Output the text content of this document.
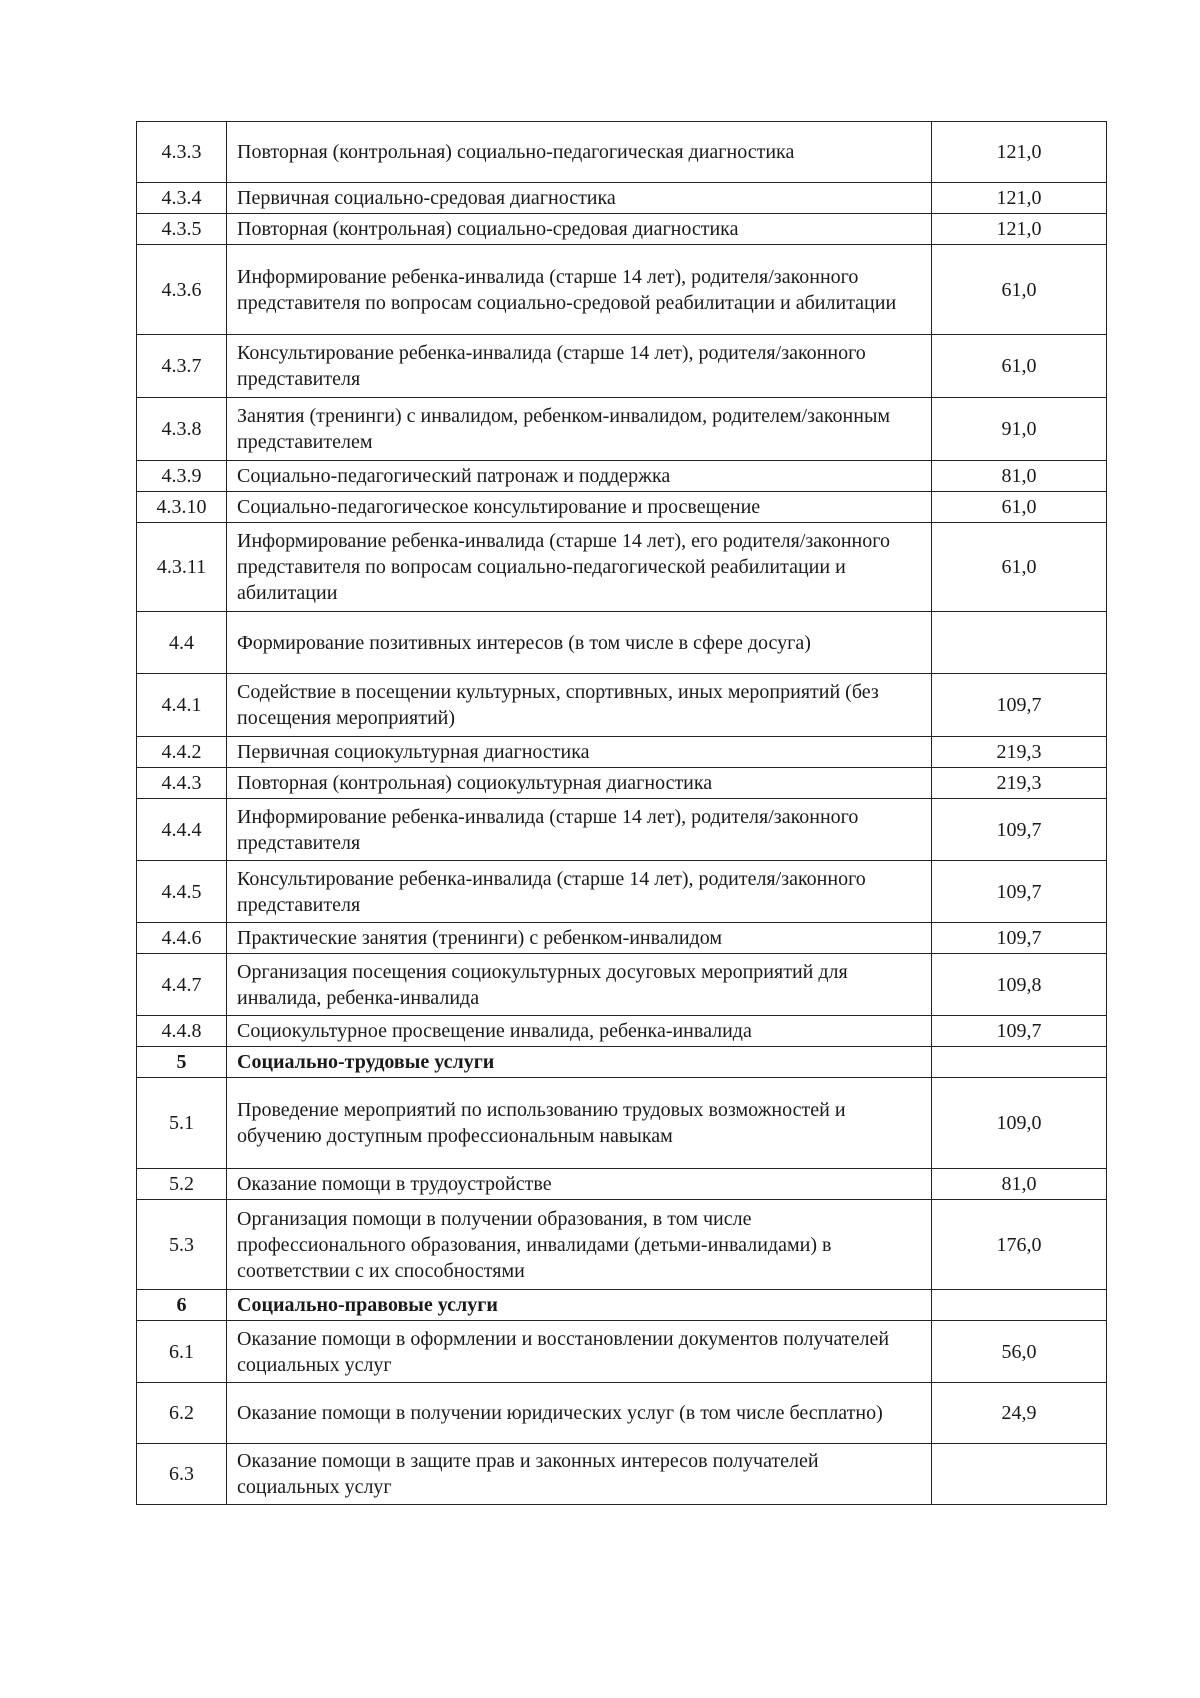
4.3.3	Повторная (контрольная) социально-педагогическая диагностика	121,0
4.3.4	Первичная социально-средовая диагностика	121,0
4.3.5	Повторная (контрольная) социально-средовая диагностика	121,0
4.3.6	Информирование ребенка-инвалида (старше 14 лет), родителя/законного представителя по вопросам социально-средовой реабилитации и абилитации	61,0
4.3.7	Консультирование ребенка-инвалида (старше 14 лет), родителя/законного представителя	61,0
4.3.8	Занятия (тренинги) с инвалидом, ребенком-инвалидом, родителем/законным представителем	91,0
4.3.9	Социально-педагогический патронаж и поддержка	81,0
4.3.10	Социально-педагогическое консультирование и просвещение	61,0
4.3.11	Информирование ребенка-инвалида (старше 14 лет), его родителя/законного представителя по вопросам социально-педагогической реабилитации и абилитации	61,0
4.4	Формирование позитивных интересов (в том числе в сфере досуга)	
4.4.1	Содействие в посещении культурных, спортивных, иных мероприятий (без посещения мероприятий)	109,7
4.4.2	Первичная социокультурная диагностика	219,3
4.4.3	Повторная (контрольная) социокультурная диагностика	219,3
4.4.4	Информирование ребенка-инвалида (старше 14 лет), родителя/законного представителя	109,7
4.4.5	Консультирование ребенка-инвалида (старше 14 лет), родителя/законного представителя	109,7
4.4.6	Практические занятия (тренинги) с ребенком-инвалидом	109,7
4.4.7	Организация посещения социокультурных досуговых мероприятий для инвалида, ребенка-инвалида	109,8
4.4.8	Социокультурное просвещение инвалида, ребенка-инвалида	109,7
5	Социально-трудовые услуги	
5.1	Проведение мероприятий по использованию трудовых возможностей и обучению доступным профессиональным навыкам	109,0
5.2	Оказание помощи в трудоустройстве	81,0
5.3	Организация помощи в получении образования, в том числе профессионального образования, инвалидами (детьми-инвалидами) в соответствии с их способностями	176,0
6	Социально-правовые услуги	
6.1	Оказание помощи в оформлении и восстановлении документов получателей социальных услуг	56,0
6.2	Оказание помощи в получении юридических услуг (в том числе бесплатно)	24,9
6.3	Оказание помощи в защите прав и законных интересов получателей социальных услуг	
